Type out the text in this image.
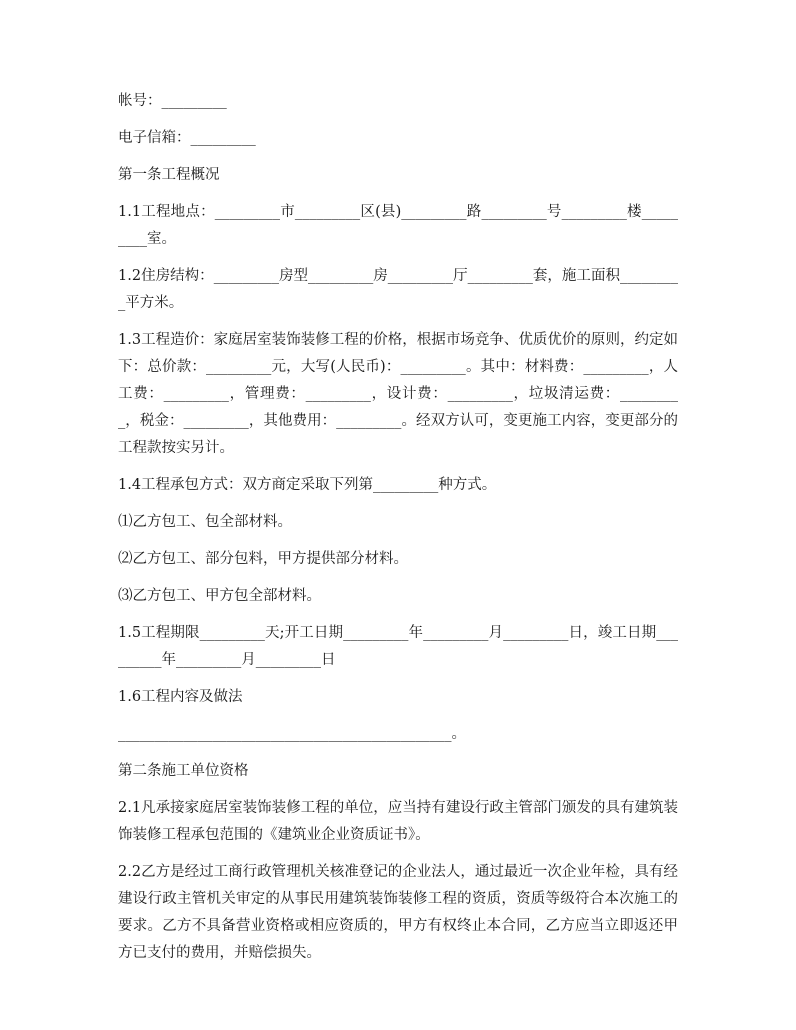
帐号：_________

电子信箱：_________

第一条工程概况

1.1工程地点：_________市_________区(县)_________路_________号_________楼_________室。

1.2住房结构：_________房型_________房_________厅_________套，施工面积_________平方米。

1.3工程造价：家庭居室装饰装修工程的价格，根据市场竞争、优质优价的原则，约定如下：总价款：_________元，大写(人民币)：_________。其中：材料费：_________，人工费：_________，管理费：_________，设计费：_________，垃圾清运费：_________，税金：_________，其他费用：_________。经双方认可，变更施工内容，变更部分的工程款按实另计。

1.4工程承包方式：双方商定采取下列第_________种方式。

⑴乙方包工、包全部材料。

⑵乙方包工、部分包料，甲方提供部分材料。

⑶乙方包工、甲方包全部材料。

1.5工程期限_________天;开工日期_________年_________月_________日，竣工日期_________年_________月_________日

1.6工程内容及做法

______________________________________________。

第二条施工单位资格

2.1凡承接家庭居室装饰装修工程的单位，应当持有建设行政主管部门颁发的具有建筑装饰装修工程承包范围的《建筑业企业资质证书》。

2.2乙方是经过工商行政管理机关核准登记的企业法人，通过最近一次企业年检，具有经建设行政主管机关审定的从事民用建筑装饰装修工程的资质，资质等级符合本次施工的要求。乙方不具备营业资格或相应资质的，甲方有权终止本合同，乙方应当立即返还甲方已支付的费用，并赔偿损失。
